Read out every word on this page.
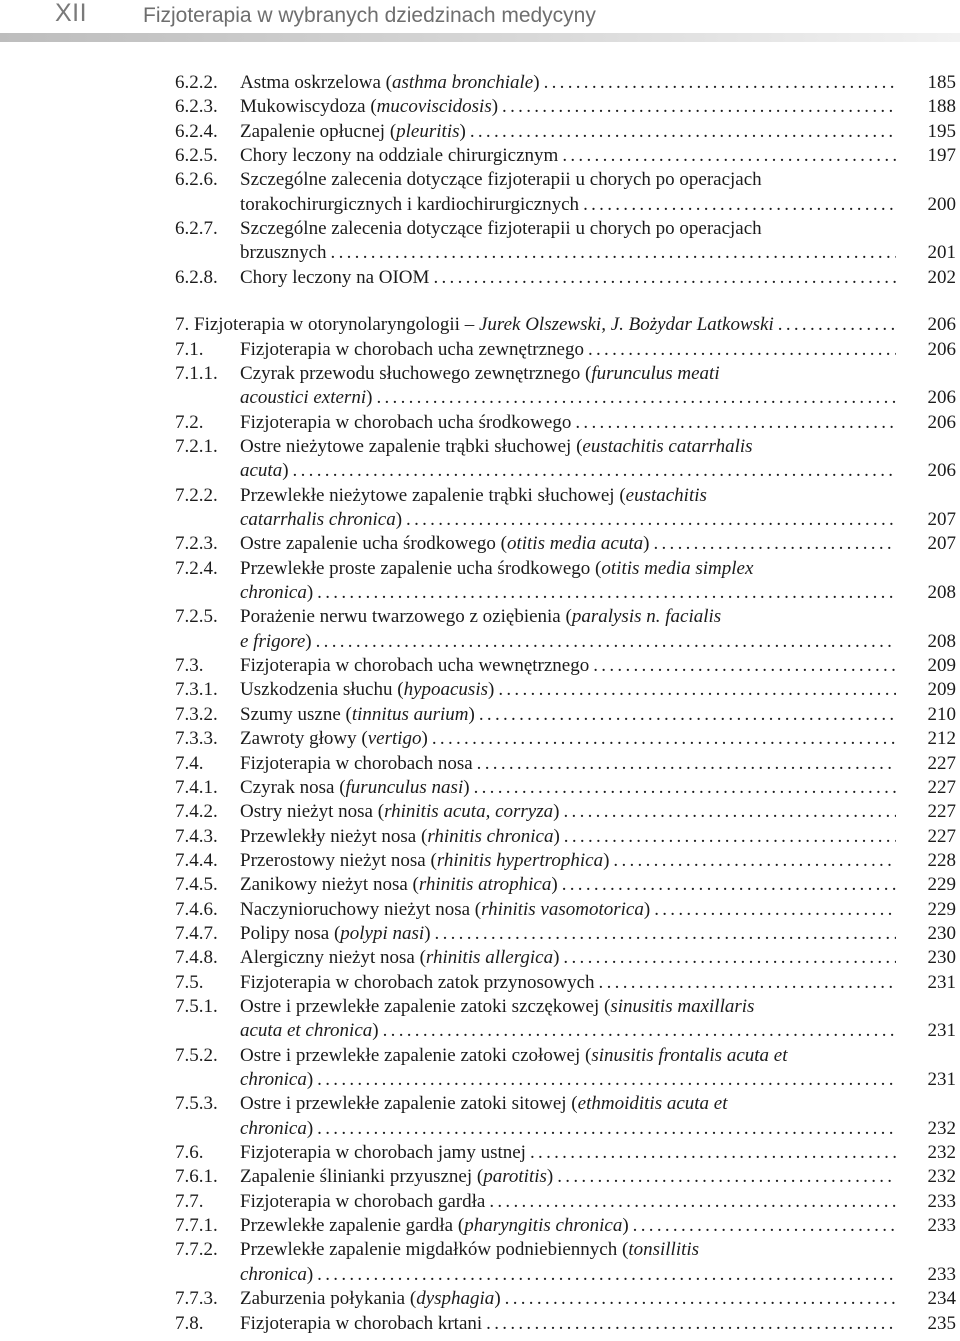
XII	Fizjoterapia w wybranych dziedzinach medycyny
6.2.2. Astma oskrzelowa (asthma bronchiale) .....	185
6.2.3. Mukowiscydoza (mucoviscidosis) .....	188
6.2.4. Zapalenie opłucnej (pleuritis) .....	195
6.2.5. Chory leczony na oddziale chirurgicznym .....	197
6.2.6. Szczególne zalecenia dotyczące fizjoterapii u chorych po operacjach
torakochirurgicznych i kardiochirurgicznych .....	200
6.2.7. Szczególne zalecenia dotyczące fizjoterapii u chorych po operacjach
brzusznych .....	201
6.2.8. Chory leczony na OIOM .....	202
7. Fizjoterapia w otorynolaryngologii – Jurek Olszewski, J. Bożydar Latkowski .....	206
7.1. Fizjoterapia w chorobach ucha zewnętrznego .....	206
7.1.1. Czyrak przewodu słuchowego zewnętrznego (furunculus meati
acoustici externi) .....	206
7.2. Fizjoterapia w chorobach ucha środkowego .....	206
7.2.1. Ostre nieżytowe zapalenie trąbki słuchowej (eustachitis catarrhalis
acuta) .....	206
7.2.2. Przewlekłe nieżytowe zapalenie trąbki słuchowej (eustachitis
catarrhalis chronica) .....	207
7.2.3. Ostre zapalenie ucha środkowego (otitis media acuta) .....	207
7.2.4. Przewlekłe proste zapalenie ucha środkowego (otitis media simplex
chronica) .....	208
7.2.5. Porażenie nerwu twarzowego z oziębienia (paralysis n. facialis
e frigore) .....	208
7.3. Fizjoterapia w chorobach ucha wewnętrznego .....	209
7.3.1. Uszkodzenia słuchu (hypoacusis) .....	209
7.3.2. Szumy uszne (tinnitus aurium) .....	210
7.3.3. Zawroty głowy (vertigo) .....	212
7.4. Fizjoterapia w chorobach nosa .....	227
7.4.1. Czyrak nosa (furunculus nasi) .....	227
7.4.2. Ostry nieżyt nosa (rhinitis acuta, corryza) .....	227
7.4.3. Przewlekły nieżyt nosa (rhinitis chronica) .....	227
7.4.4. Przerostowy nieżyt nosa (rhinitis hypertrophica) .....	228
7.4.5. Zanikowy nieżyt nosa (rhinitis atrophica) .....	229
7.4.6. Naczynioruchowy nieżyt nosa (rhinitis vasomotorica) .....	229
7.4.7. Polipy nosa (polypi nasi) .....	230
7.4.8. Alergiczny nieżyt nosa (rhinitis allergica) .....	230
7.5. Fizjoterapia w chorobach zatok przynosowych .....	231
7.5.1. Ostre i przewlekłe zapalenie zatoki szczękowej (sinusitis maxillaris
acuta et chronica) .....	231
7.5.2. Ostre i przewlekłe zapalenie zatoki czołowej (sinusitis frontalis acuta et
chronica) .....	231
7.5.3. Ostre i przewlekłe zapalenie zatoki sitowej (ethmoiditis acuta et
chronica) .....	232
7.6. Fizjoterapia w chorobach jamy ustnej .....	232
7.6.1. Zapalenie ślinianki przyusznej (parotitis) .....	232
7.7. Fizjoterapia w chorobach gardła .....	233
7.7.1. Przewlekłe zapalenie gardła (pharyngitis chronica) .....	233
7.7.2. Przewlekłe zapalenie migdałków podniebiennych (tonsillitis
chronica) .....	233
7.7.3. Zaburzenia połykania (dysphagia) .....	234
7.8. Fizjoterapia w chorobach krtani .....	235
